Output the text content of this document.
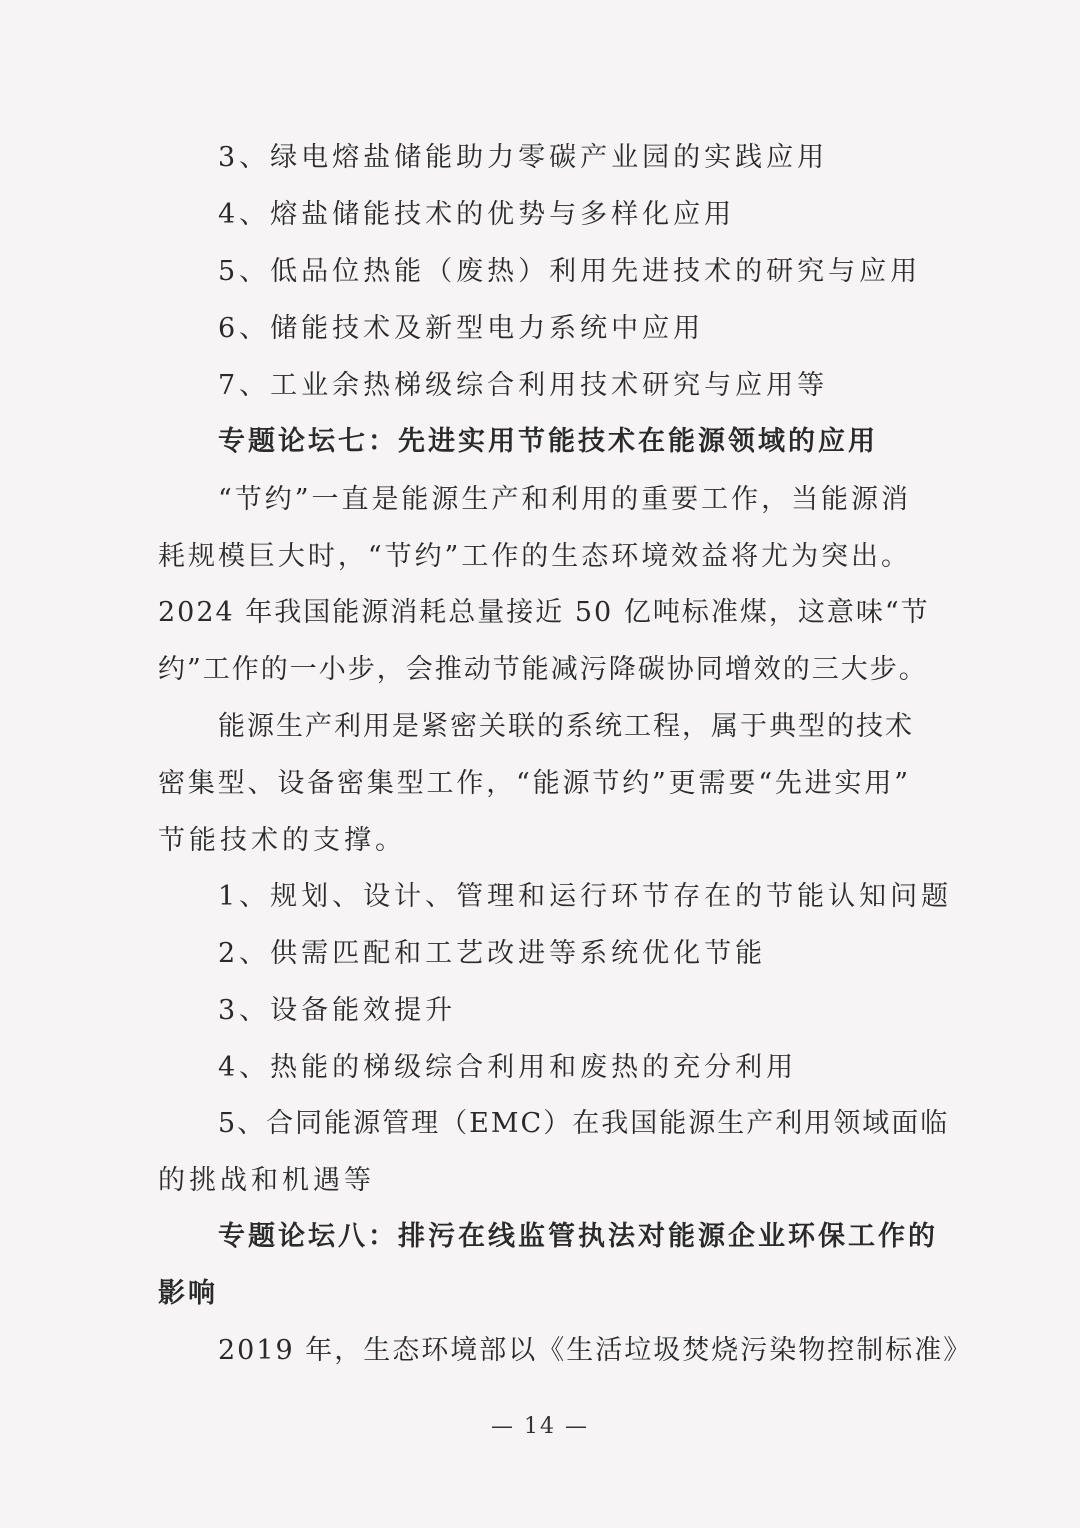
3、绿电熔盐储能助力零碳产业园的实践应用
4、熔盐储能技术的优势与多样化应用
5、低品位热能（废热）利用先进技术的研究与应用
6、储能技术及新型电力系统中应用
7、工业余热梯级综合利用技术研究与应用等
专题论坛七：先进实用节能技术在能源领域的应用
“节约”一直是能源生产和利用的重要工作，当能源消
耗规模巨大时，“节约”工作的生态环境效益将尤为突出。
2024 年我国能源消耗总量接近 50 亿吨标准煤，这意味“节
约”工作的一小步，会推动节能减污降碳协同增效的三大步。
能源生产利用是紧密关联的系统工程，属于典型的技术
密集型、设备密集型工作，“能源节约”更需要“先进实用”
节能技术的支撑。
1、规划、设计、管理和运行环节存在的节能认知问题
2、供需匹配和工艺改进等系统优化节能
3、设备能效提升
4、热能的梯级综合利用和废热的充分利用
5、合同能源管理（EMC）在我国能源生产利用领域面临
的挑战和机遇等
专题论坛八：排污在线监管执法对能源企业环保工作的
影响
2019 年，生态环境部以《生活垃圾焚烧污染物控制标准》
— 14 —
